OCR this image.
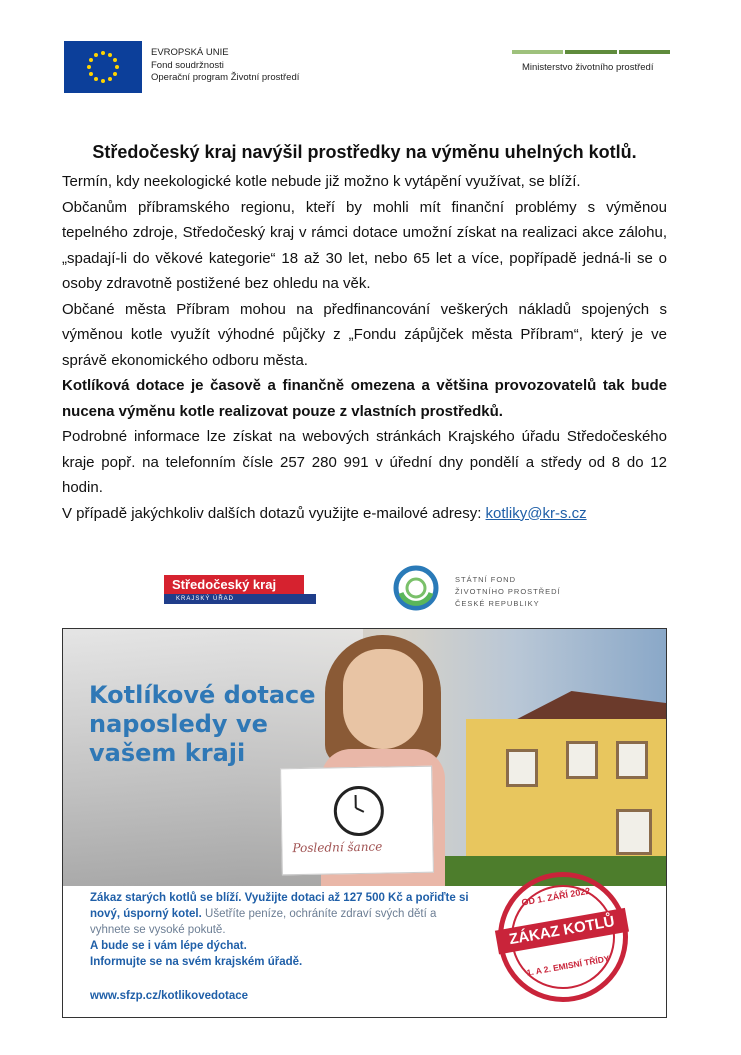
EVROPSKÁ UNIE
Fond soudržnosti
Operační program Životní prostředí
Ministerstvo životního prostředí

Středočeský kraj navýšil prostředky na výměnu uhelných kotlů.

Termín, kdy neekologické kotle nebude již možno k vytápění využívat, se blíží.

Občanům příbramského regionu, kteří by mohli mít finanční problémy s výměnou tepelného zdroje, Středočeský kraj v rámci dotace umožní získat na realizaci akce zálohu, „spadají-li do věkové kategorie“ 18 až 30 let, nebo 65 let a více, popřípadě jedná-li se o osoby zdravotně postižené bez ohledu na věk.

Občané města Příbram mohou na předfinancování veškerých nákladů spojených s výměnou kotle využít výhodné půjčky z „Fondu zápůjček města Příbram“, který je ve správě ekonomického odboru města.

Kotlíková dotace je časově a finančně omezena a většina provozovatelů tak bude nucena výměnu kotle realizovat pouze z vlastních prostředků.

Podrobné informace lze získat na webových stránkách Krajského úřadu Středočeského kraje popř. na telefonním čísle 257 280 991 v úřední dny pondělí a středy od 8 do 12 hodin.

V případě jakýchkoliv dalších dotazů využijte e-mailové adresy: kotliky@kr-s.cz

Středočeský kraj
KRAJSKÝ ÚŘAD
STÁTNÍ FOND
ŽIVOTNÍHO PROSTŘEDÍ
ČESKÉ REPUBLIKY
Poslední šance
Kotlíkové dotace
naposledy ve
vašem kraji
Zákaz starých kotlů se blíží. Využijte dotaci až 127 500 Kč a pořiďte si nový, úsporný kotel. Ušetříte peníze, ochráníte zdraví svých dětí a vyhnete se vysoké pokutě.
A bude se i vám lépe dýchat.
Informujte se na svém krajském úřadě.
www.sfzp.cz/kotlikovedotace
OD 1. ZÁŘÍ 2022
ZÁKAZ KOTLŮ
1. A 2. EMISNÍ TŘÍDY
